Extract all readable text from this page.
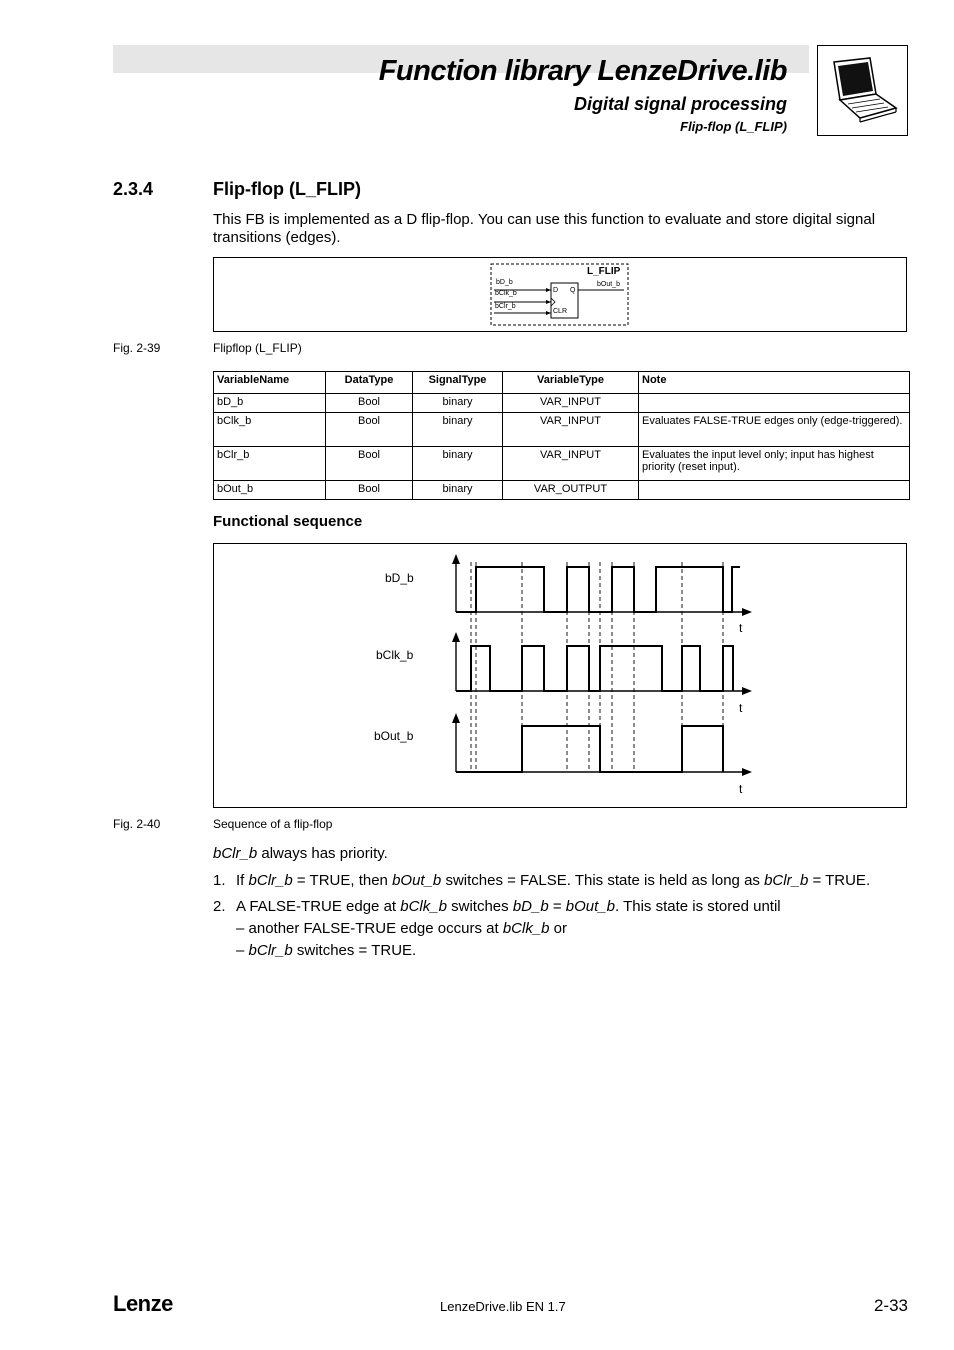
Function library LenzeDrive.lib
Digital signal processing
Flip-flop (L_FLIP)
2.3.4	Flip-flop (L_FLIP)
This FB is implemented as a D flip-flop. You can use this function to evaluate and store digital signal transitions (edges).
L_FLIP
bD_b
bClk_b
bClr_b
bOut_b
D Q
CLR
Fig. 2-39	Flipflop (L_FLIP)
VariableName	DataType	SignalType	VariableType	Note
bD_b	Bool	binary	VAR_INPUT	
bClk_b	Bool	binary	VAR_INPUT	Evaluates FALSE-TRUE edges only (edge-triggered).
bClr_b	Bool	binary	VAR_INPUT	Evaluates the input level only; input has highest priority (reset input).
bOut_b	Bool	binary	VAR_OUTPUT	
Functional sequence
bD_b
bClk_b
bOut_b
t
t
t
Fig. 2-40	Sequence of a flip-flop
bClr_b always has priority.
1. If bClr_b = TRUE, then bOut_b switches = FALSE. This state is held as long as bClr_b = TRUE.
2. A FALSE-TRUE edge at bClk_b switches bD_b = bOut_b. This state is stored until
– another FALSE-TRUE edge occurs at bClk_b or
– bClr_b switches = TRUE.
Lenze	LenzeDrive.lib EN 1.7	2-33
